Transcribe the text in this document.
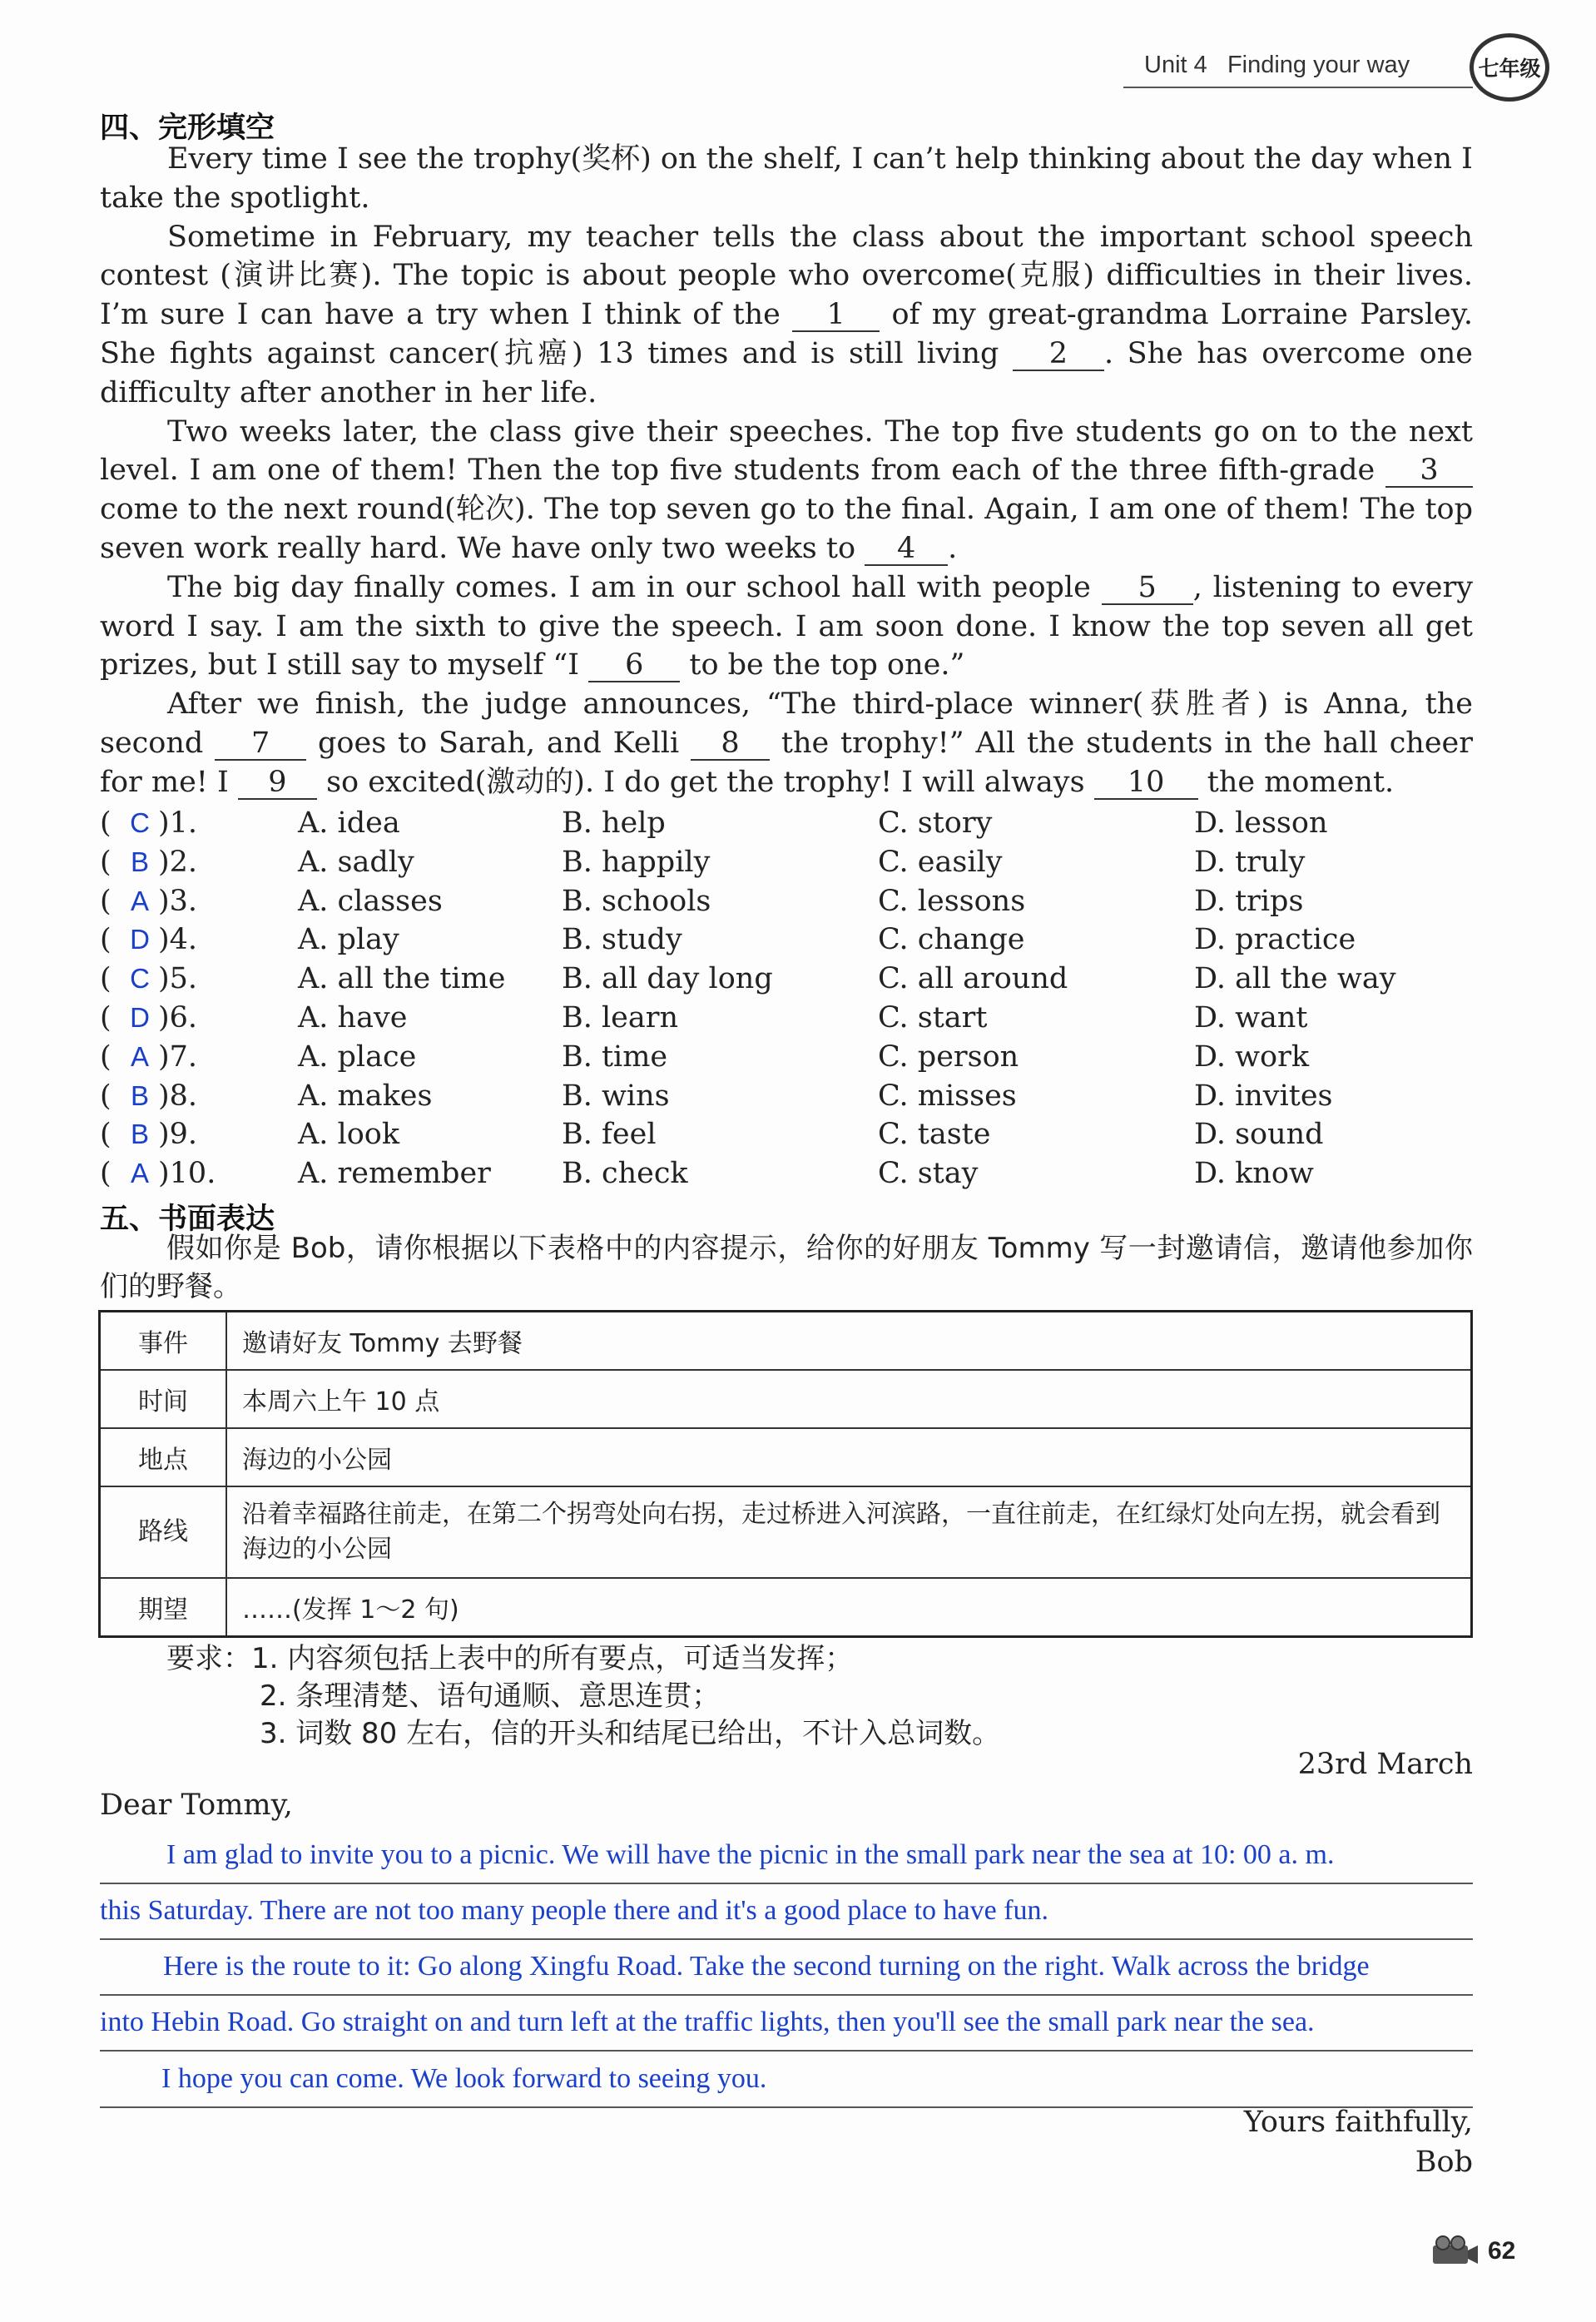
Unit 4 Finding your way	七年级
四、完形填空

Every time I see the trophy(奖杯) on the shelf, I can’t help thinking about the day when I take the spotlight.

Sometime in February, my teacher tells the class about the important school speech contest (演讲比赛). The topic is about people who overcome(克服) difficulties in their lives. I’m sure I can have a try when I think of the 1 of my great-grandma Lorraine Parsley. She fights against cancer(抗癌) 13 times and is still living 2 . She has overcome one difficulty after another in her life.

Two weeks later, the class give their speeches. The top five students go on to the next level. I am one of them! Then the top five students from each of the three fifth-grade 3 come to the next round(轮次). The top seven go to the final. Again, I am one of them! The top seven work really hard. We have only two weeks to 4 .

The big day finally comes. I am in our school hall with people 5 , listening to every word I say. I am the sixth to give the speech. I am soon done. I know the top seven all get prizes, but I still say to myself “I 6 to be the top one.”

After we finish, the judge announces, “The third-place winner(获胜者) is Anna, the second 7 goes to Sarah, and Kelli 8 the trophy!” All the students in the hall cheer for me! I 9 so excited(激动的). I do get the trophy! I will always 10 the moment.

( C )1.	A. idea	B. help	C. story	D. lesson
( B )2.	A. sadly	B. happily	C. easily	D. truly
( A )3.	A. classes	B. schools	C. lessons	D. trips
( D )4.	A. play	B. study	C. change	D. practice
( C )5.	A. all the time B. all day long	C. all around	D. all the way
( D )6.	A. have	B. learn	C. start	D. want
( A )7.	A. place	B. time	C. person	D. work
( B )8.	A. makes	B. wins	C. misses	D. invites
( B )9.	A. look	B. feel	C. taste	D. sound
( A )10.	A. remember B. check	C. stay	D. know
五、书面表达
假如你是 Bob，请你根据以下表格中的内容提示，给你的好朋友 Tommy 写一封邀请信，邀请他参加你们的野餐。
事件	邀请好友 Tommy 去野餐
时间	本周六上午 10 点
地点	海边的小公园
路线	沿着幸福路往前走，在第二个拐弯处向右拐，走过桥进入河滨路，一直往前走，在红绿灯处向左拐，就会看到海边的小公园
期望	……(发挥 1～2 句)
要求：1. 内容须包括上表中的所有要点，可适当发挥；
2. 条理清楚、语句通顺、意思连贯；
3. 词数 80 左右，信的开头和结尾已给出，不计入总词数。
23rd March
Dear Tommy,
I am glad to invite you to a picnic. We will have the picnic in the small park near the sea at 10: 00 a. m.
this Saturday. There are not too many people there and it's a good place to have fun.
Here is the route to it: Go along Xingfu Road. Take the second turning on the right. Walk across the bridge
into Hebin Road. Go straight on and turn left at the traffic lights, then you'll see the small park near the sea.
I hope you can come. We look forward to seeing you.
Yours faithfully,
Bob
62
